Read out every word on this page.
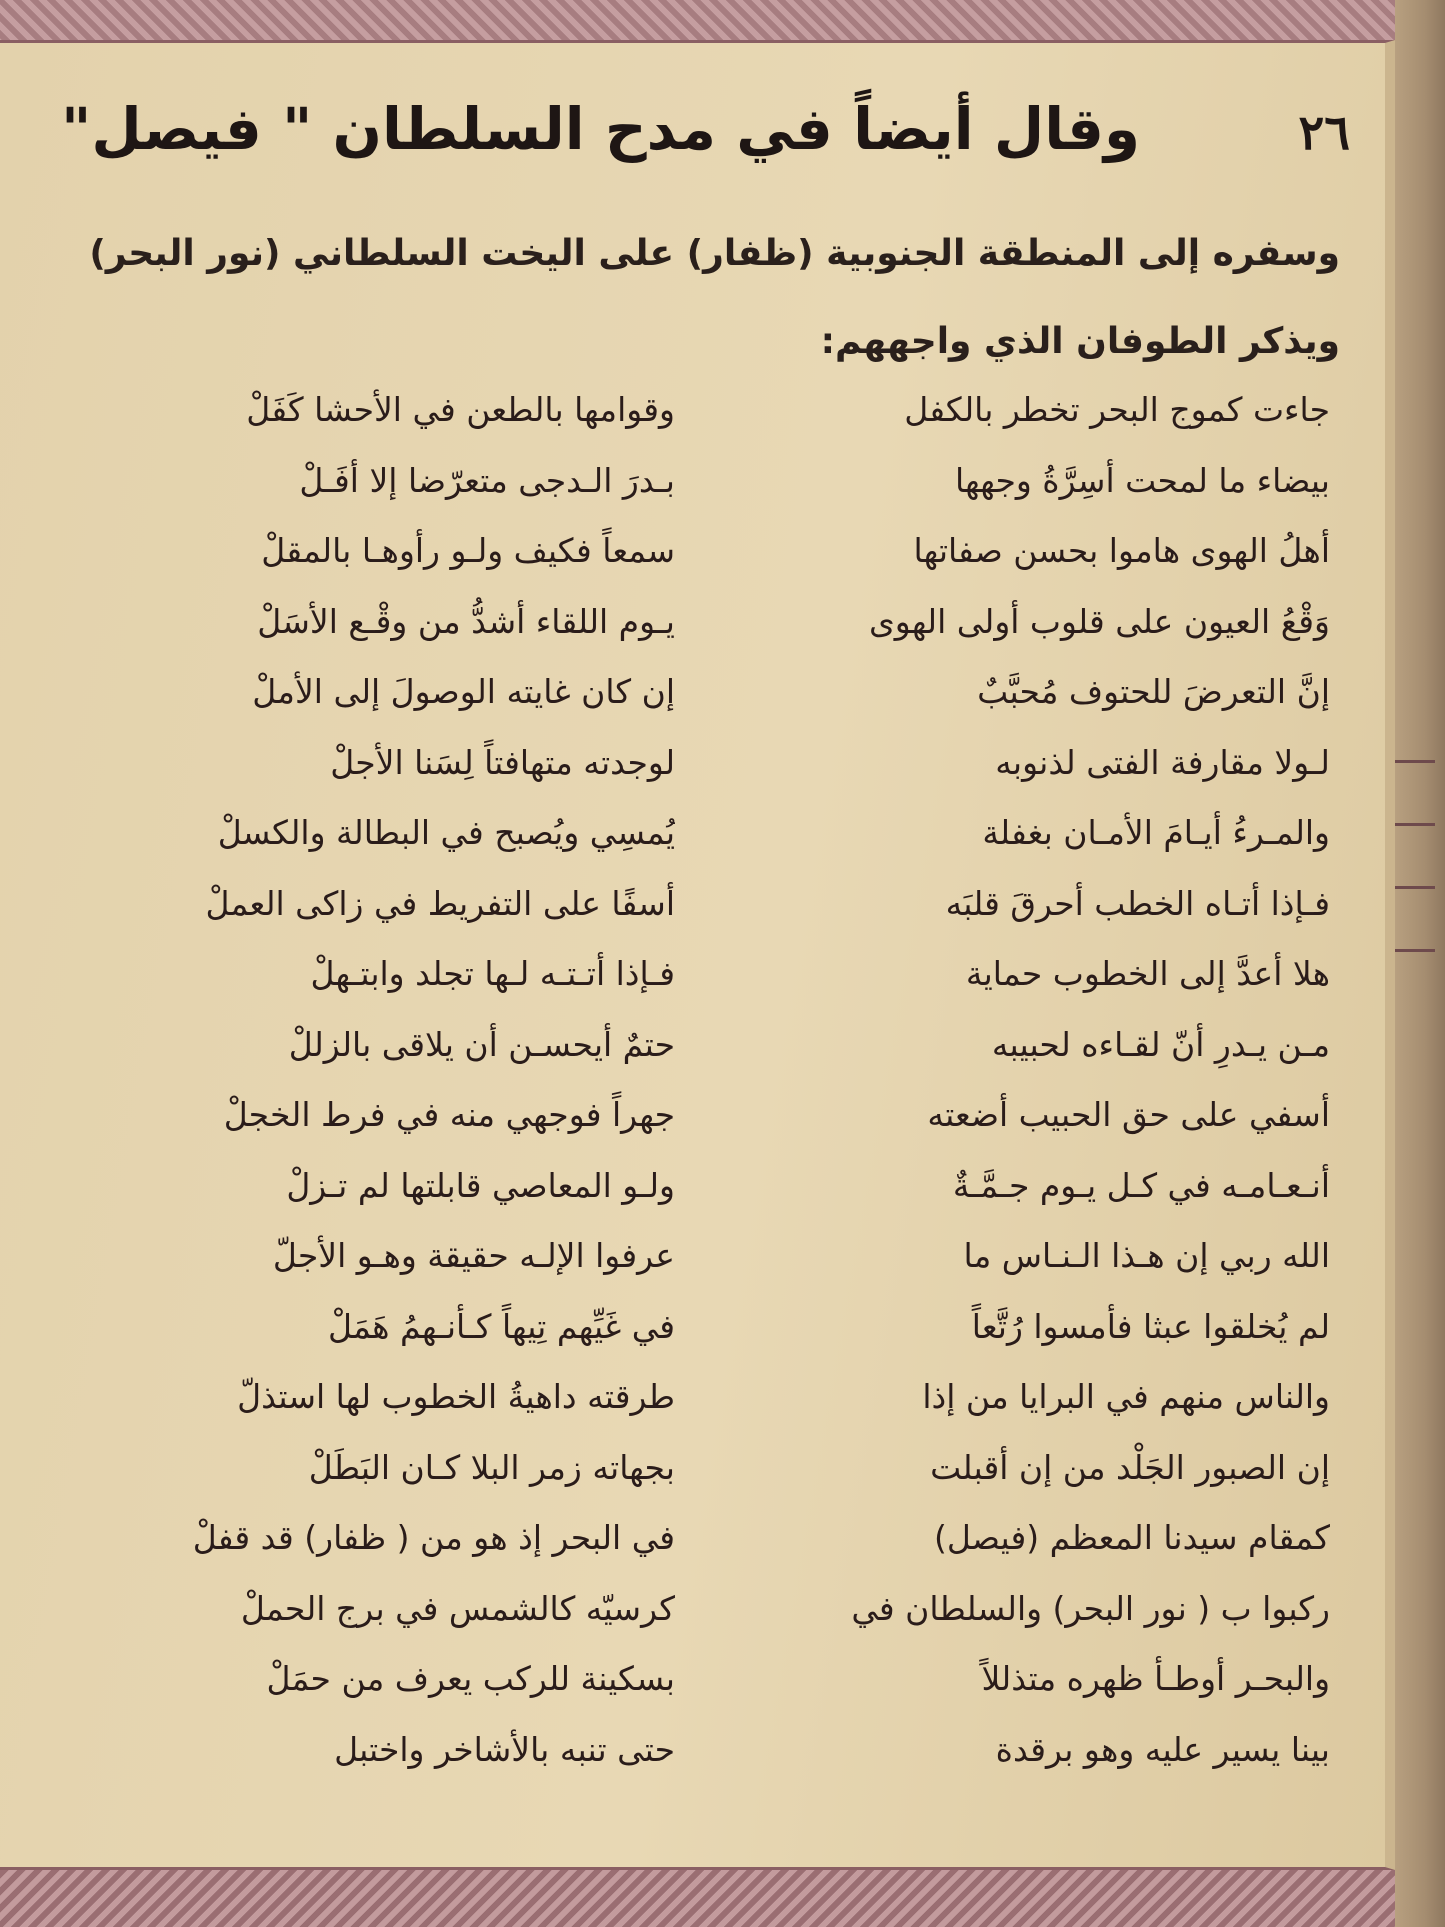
٢٦
وقال أيضاً في مدح السلطان " فيصل"
وسفره إلى المنطقة الجنوبية (ظفار) على اليخت السلطاني (نور البحر)
ويذكر الطوفان الذي واجههم:
جاءت كموج البحر تخطر بالكفل
وقوامها بالطعن في الأحشا كَفَلْ
بيضاء ما لمحت أسِرَّةُ وجهها
بـدرَ الـدجى متعرّضا إلا أفَـلْ
أهلُ الهوى هاموا بحسن صفاتها
سمعاً فكيف ولـو رأوهـا بالمقلْ
وَقْعُ العيون على قلوب أولى الهوى
يـوم اللقاء أشدُّ من وقْـع الأسَلْ
إنَّ التعرضَ للحتوف مُحبَّبٌ
إن كان غايته الوصولَ إلى الأملْ
لـولا مقارفة الفتى لذنوبه
لوجدته متهافتاً لِسَنا الأجلْ
والمـرءُ أيـامَ الأمـان بغفلة
يُمسِي ويُصبح في البطالة والكسلْ
فـإذا أتـاه الخطب أحرقَ قلبَه
أسفًا على التفريط في زاكى العملْ
هلا أعدَّ إلى الخطوب حماية
فـإذا أتـتـه لـها تجلد وابتـهلْ
مـن يـدرِ أنّ لقـاءه لحبيبه
حتمٌ أيحسـن أن يلاقى بالزللْ
أسفي على حق الحبيب أضعته
جهراً فوجهي منه في فرط الخجلْ
أنـعـامـه في كـل يـوم جـمَّـةٌ
ولـو المعاصي قابلتها لم تـزلْ
الله ربي إن هـذا الـنـاس ما
عرفوا الإلـه حقيقة وهـو الأجلّ
لم يُخلقوا عبثا فأمسوا رُتَّعاً
في غَيِّهم تِيهاً كـأنـهمُ هَمَلْ
والناس منهم في البرايا من إذا
طرقته داهيةُ الخطوب لها استذلّ
إن الصبور الجَلْد من إن أقبلت
بجهاته زمر البلا كـان البَطَلْ
كمقام سيدنا المعظم (فيصل)
في البحر إذ هو من ( ظفار) قد قفلْ
ركبوا ب ( نور البحر) والسلطان في
كرسيّه كالشمس في برج الحملْ
والبحـر أوطـأ ظهره متذللاً
بسكينة للركب يعرف من حمَلْ
بينا يسير عليه وهو برقدة
حتى تنبه بالأشاخر واختبل
